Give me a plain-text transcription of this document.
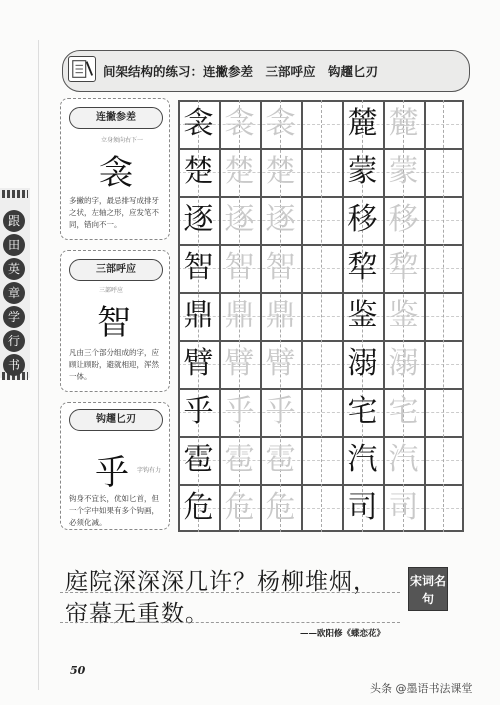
间架结构的练习：连撇参差　三部呼应　钩趯匕刃
跟
田
英
章
学
行
书
连撇参差
立身须向右下一
衾
多撇的字，最忌排写成排牙之状，左轴之形，应发笔不同，错向不一。
三部呼应
三部呼应
智
凡由三个部分组成的字，应顾让顾盼，避就相迎，浑然一体。
钩趯匕刃
乎 字钩有力
钩身不宜长，优如匕首，但一个字中如果有多个钩画，必须化减。
衾 衾 衾 麓 麓
楚 楚 楚 蒙 蒙
逐 逐 逐 移 移
智 智 智 犂 犂
鼎 鼎 鼎 鉴 鉴
臂 臂 臂 溺 溺
乎 乎 乎 宅 宅
雹 雹 雹 汽 汽
危 危 危 司 司
庭院深深深几许？杨柳堆烟，
帘幕无重数。
宋词名句
——欧阳修《蝶恋花》
50
头条 @墨语书法课堂
